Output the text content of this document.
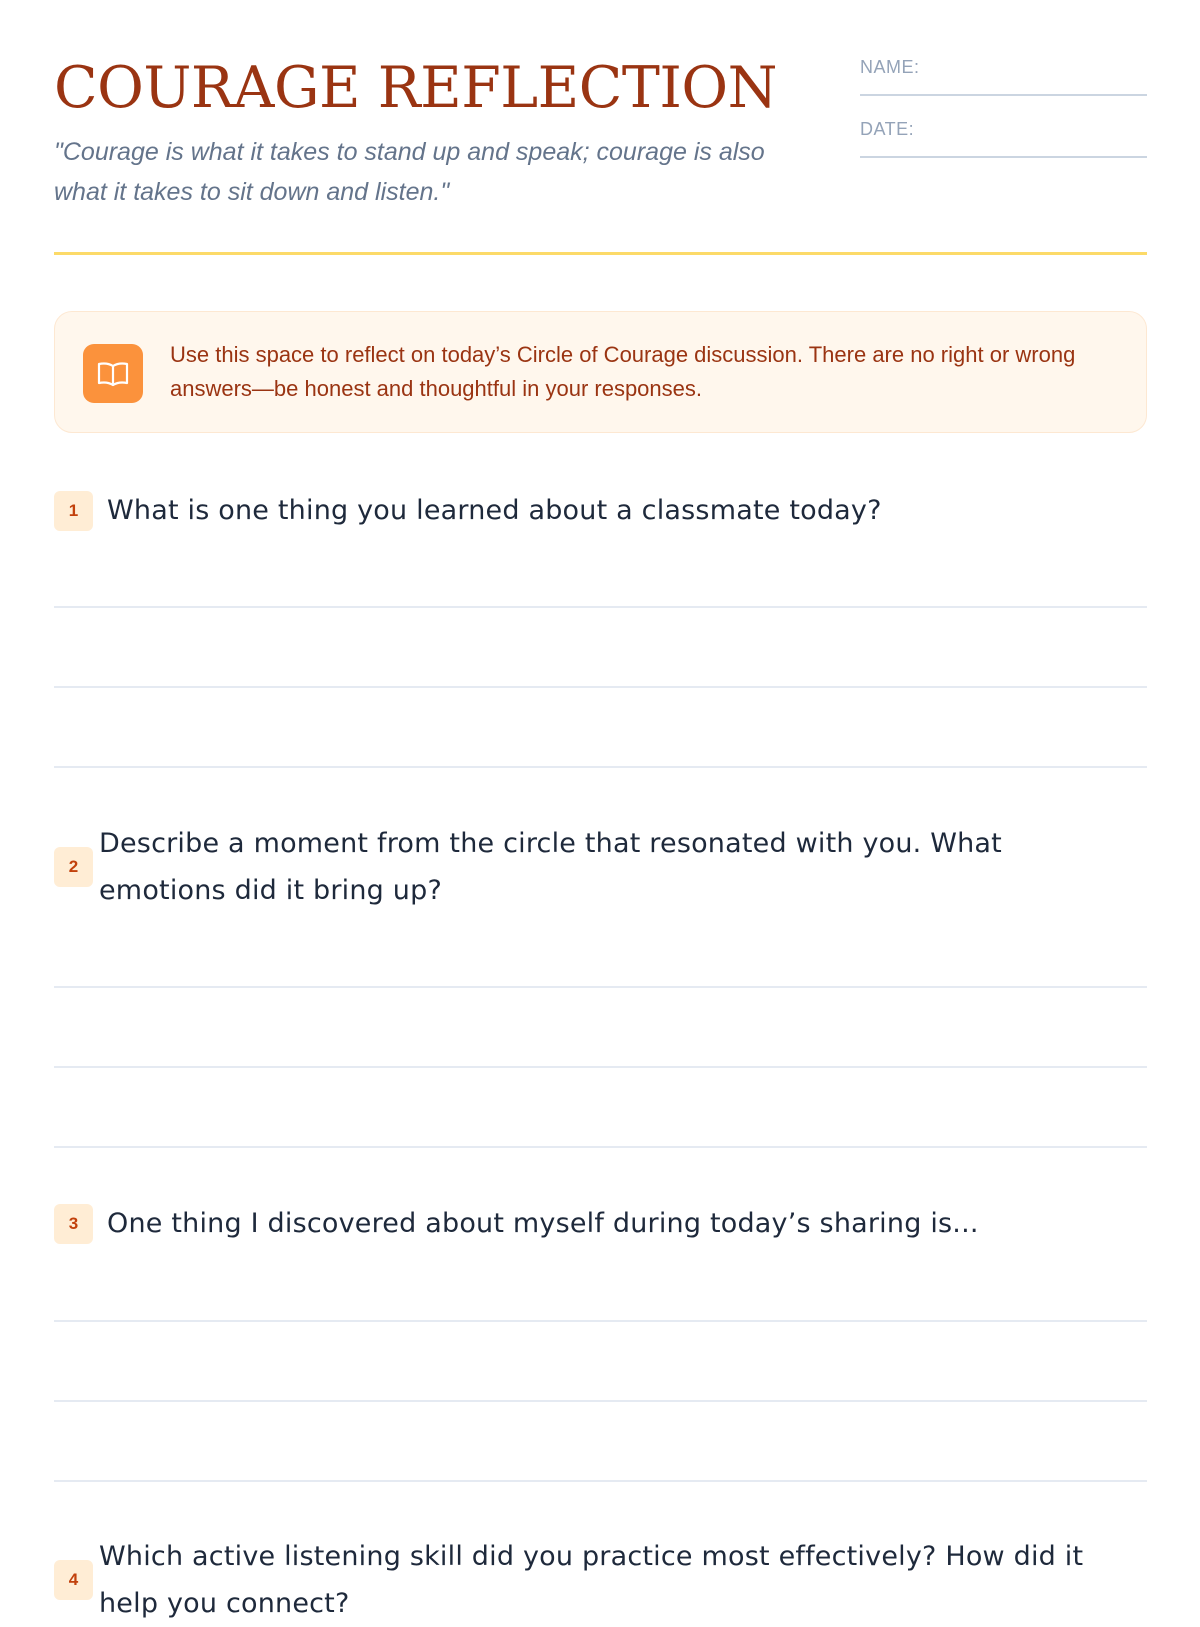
COURAGE REFLECTION

"Courage is what it takes to stand up and speak; courage is also what it takes to sit down and listen."

NAME:
DATE:

Use this space to reflect on today’s Circle of Courage discussion. There are no right or wrong answers—be honest and thoughtful in your responses.

1	What is one thing you learned about a classmate today?
2
Describe a moment from the circle that resonated with you. What emotions did it bring up?
3	One thing I discovered about myself during today’s sharing is...
4
Which active listening skill did you practice most effectively? How did it help you connect?
